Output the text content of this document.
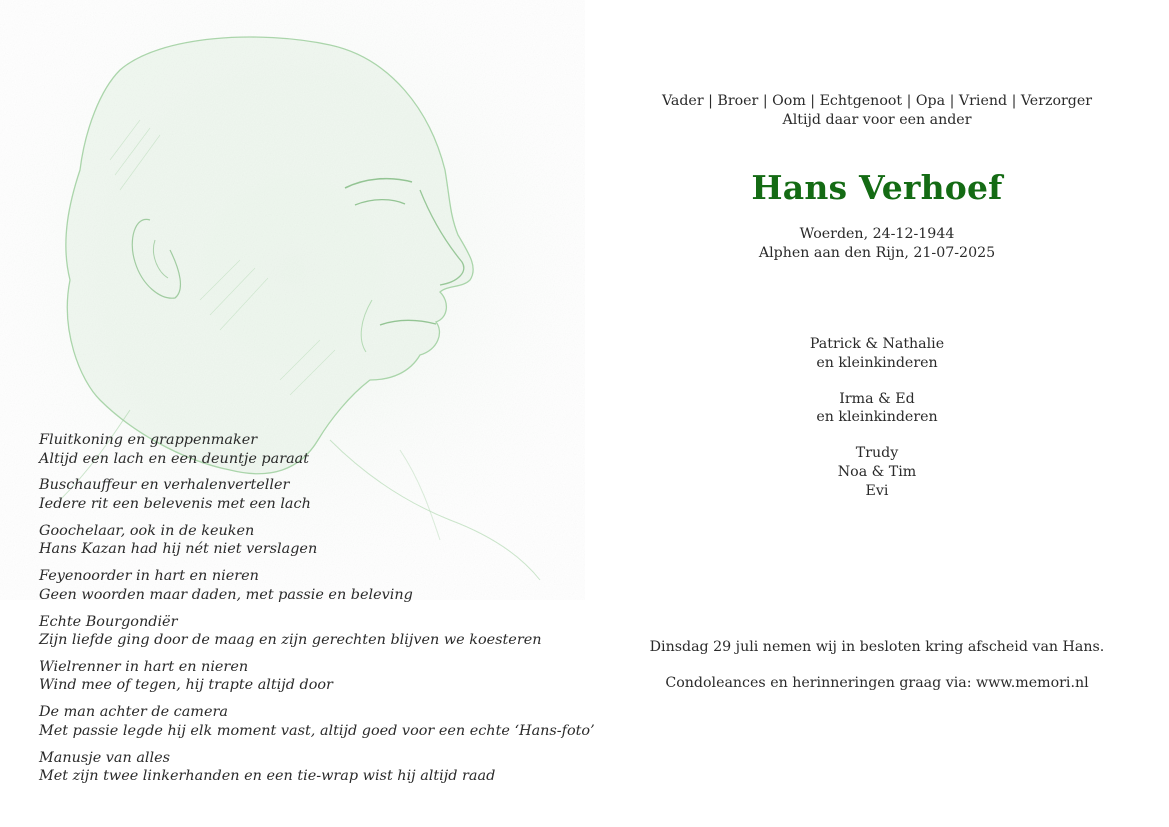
Fluitkoning en grappenmaker
Altijd een lach en een deuntje paraat
Buschauffeur en verhalenverteller
Iedere rit een belevenis met een lach
Goochelaar, ook in de keuken
Hans Kazan had hij nét niet verslagen
Feyenoorder in hart en nieren
Geen woorden maar daden, met passie en beleving
Echte Bourgondiër
Zijn liefde ging door de maag en zijn gerechten blijven we koesteren
Wielrenner in hart en nieren
Wind mee of tegen, hij trapte altijd door
De man achter de camera
Met passie legde hij elk moment vast, altijd goed voor een echte ‘Hans-foto’
Manusje van alles
Met zijn twee linkerhanden en een tie-wrap wist hij altijd raad
Vader | Broer | Oom | Echtgenoot | Opa | Vriend | Verzorger
Altijd daar voor een ander
Hans Verhoef
Woerden, 24-12-1944
Alphen aan den Rijn, 21-07-2025
Patrick & Nathalie
en kleinkinderen
Irma & Ed
en kleinkinderen
Trudy
Noa & Tim
Evi

Dinsdag 29 juli nemen wij in besloten kring afscheid van Hans.

Condoleances en herinneringen graag via: www.memori.nl
